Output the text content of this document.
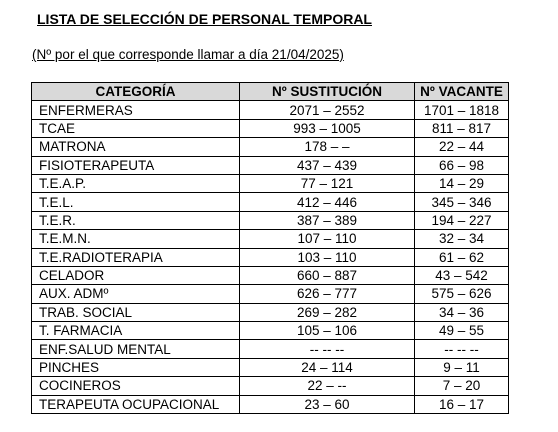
LISTA DE SELECCIÓN DE PERSONAL TEMPORAL
(Nº por el que corresponde llamar a día 21/04/2025)
CATEGORÍA	Nº SUSTITUCIÓN	Nº VACANTE
ENFERMERAS	2071 – 2552	1701 – 1818
TCAE	993 – 1005	811 – 817
MATRONA	178 – –	22 – 44
FISIOTERAPEUTA	437 – 439	66 – 98
T.E.A.P.	77 – 121	14 – 29
T.E.L.	412 – 446	345 – 346
T.E.R.	387 – 389	194 – 227
T.E.M.N.	107 – 110	32 – 34
T.E.RADIOTERAPIA	103 – 110	61 – 62
CELADOR	660 – 887	43 – 542
AUX. ADMº	626 – 777	575 – 626
TRAB. SOCIAL	269 – 282	34 – 36
T. FARMACIA	105 – 106	49 – 55
ENF.SALUD MENTAL	-- -- --	-- -- --
PINCHES	24 – 114	9 – 11
COCINEROS	22 – --	7 – 20
TERAPEUTA OCUPACIONAL	23 – 60	16 – 17
